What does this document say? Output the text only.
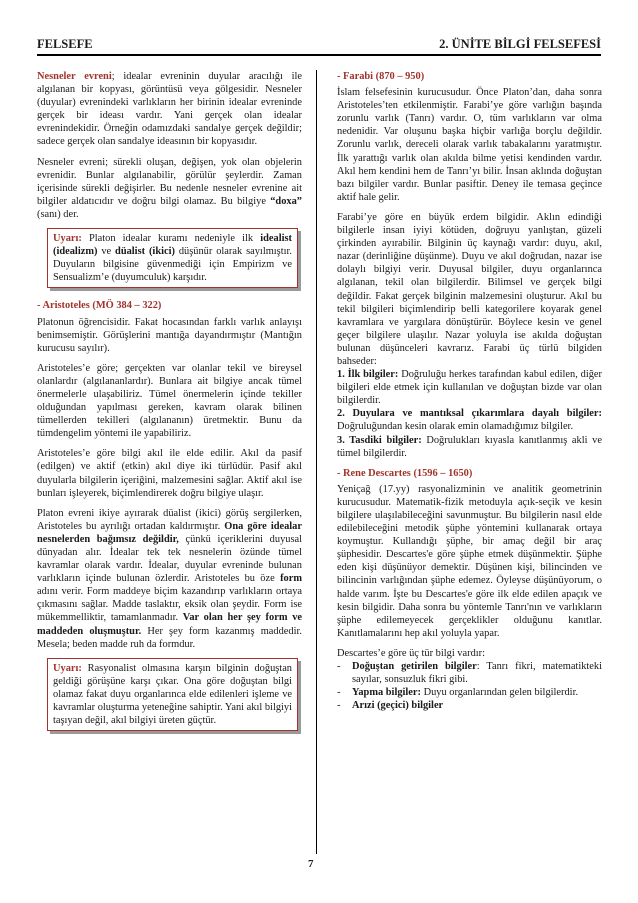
FELSEFE	2. ÜNİTE BİLGİ FELSEFESİ

Nesneler evreni; idealar evreninin duyular aracılığı ile algılanan bir kopyası, görüntüsü veya gölgesidir. Nesneler (duyular) evrenindeki varlıkların her birinin idealar evreninde gerçek bir ideası vardır. Yani gerçek olan idealar evrenindekidir. Örneğin odamızdaki sandalye gerçek değildir; sadece gerçek olan sandalye ideasının bir kopyasıdır.

Nesneler evreni; sürekli oluşan, değişen, yok olan objelerin evrenidir. Bunlar algılanabilir, görülür şeylerdir. Zaman içerisinde sürekli değişirler. Bu nedenle nesneler evrenine ait bilgiler aldatıcıdır ve doğru bilgi olamaz. Bu bilgiye “doxa” (sanı) der.

Uyarı: Platon idealar kuramı nedeniyle ilk idealist (idealizm) ve düalist (ikici) düşünür olarak sayılmıştır. Duyuların bilgisine güvenmediği için Empirizm ve Sensualizm’e (duyumculuk) karşıdır.
- Aristoteles (MÖ 384 – 322)

Platonun öğrencisidir. Fakat hocasından farklı varlık anlayışı benimsemiştir. Görüşlerini mantığa dayandırmıştır (Mantığın kurucusu sayılır).

Aristoteles’e göre; gerçekten var olanlar tekil ve bireysel olanlardır (algılananlardır). Bunlara ait bilgiye ancak tümel önermelerle ulaşabiliriz. Tümel önermelerin içinde tekiller olduğundan yapılması gereken, kavram olarak bilinen tümellerden tekilleri (algılananın) üretmektir. Bunu da tümdengelim yöntemi ile yapabiliriz.

Aristoteles’e göre bilgi akıl ile elde edilir. Akıl da pasif (edilgen) ve aktif (etkin) akıl diye iki türlüdür. Pasif akıl duyularla bilgilerin içeriğini, malzemesini sağlar. Aktif akıl ise bunları işleyerek, biçimlendirerek doğru bilgiye ulaşır.

Platon evreni ikiye ayırarak düalist (ikici) görüş sergilerken, Aristoteles bu ayrılığı ortadan kaldırmıştır. Ona göre idealar nesnelerden bağımsız değildir, çünkü içeriklerini duyusal dünyadan alır. İdealar tek tek nesnelerin özünde tümel kavramlar olarak vardır. İdealar, duyular evreninde bulunan varlıkların içinde bulunan özlerdir. Aristoteles bu öze form adını verir. Form maddeye biçim kazandırıp varlıkların ortaya çıkmasını sağlar. Madde taslaktır, eksik olan şeydir. Form ise mükemmelliktir, tamamlanmadır. Var olan her şey form ve maddeden oluşmuştur. Her şey form kazanmış maddedir. Mesela; beden madde ruh da formdur.

Uyarı: Rasyonalist olmasına karşın bilginin doğuştan geldiği görüşüne karşı çıkar. Ona göre doğuştan bilgi olamaz fakat duyu organlarınca elde edilenleri işleme ve kavramlar oluşturma yeteneğine sahiptir. Yani akıl bilgiyi taşıyan değil, akıl bilgiyi üreten güçtür.
- Farabi (870 – 950)

İslam felsefesinin kurucusudur. Önce Platon’dan, daha sonra Aristoteles’ten etkilenmiştir. Farabi’ye göre varlığın başında zorunlu varlık (Tanrı) vardır. O, tüm varlıkların var olma nedenidir. Var oluşunu başka hiçbir varlığa borçlu değildir. Zorunlu varlık, dereceli olarak varlık tabakalarını yaratmıştır. İlk yarattığı varlık olan akılda bilme yetisi kendinden vardır. Akıl hem kendini hem de Tanrı’yı bilir. İnsan aklında doğuştan bazı bilgiler vardır. Bunlar pasiftir. Deney ile temasa geçince aktif hale gelir.

Farabi’ye göre en büyük erdem bilgidir. Aklın edindiği bilgilerle insan iyiyi kötüden, doğruyu yanlıştan, güzeli çirkinden ayırabilir. Bilginin üç kaynağı vardır: duyu, akıl, nazar (derinliğine düşünme). Duyu ve akıl doğrudan, nazar ise dolaylı bilgiyi verir. Duyusal bilgiler, duyu organlarınca algılanan, tekil olan bilgilerdir. Bilimsel ve gerçek bilgi değildir. Fakat gerçek bilginin malzemesini oluşturur. Akıl bu tekil bilgileri biçimlendirip belli kategorilere koyarak genel kavramlara ve yargılara dönüştürür. Böylece kesin ve genel geçer bilgilere ulaşılır. Nazar yoluyla ise akılda doğuştan bulunan düşünceleri kavrarız. Farabi üç türlü bilgiden bahseder:

1. İlk bilgiler: Doğruluğu herkes tarafından kabul edilen, diğer bilgileri elde etmek için kullanılan ve doğuştan bizde var olan bilgilerdir.

2. Duyulara ve mantıksal çıkarımlara dayalı bilgiler: Doğruluğundan kesin olarak emin olamadığımız bilgiler.

3. Tasdiki bilgiler: Doğrulukları kıyasla kanıtlanmış akli ve tümel bilgilerdir.

- Rene Descartes (1596 – 1650)

Yeniçağ (17.yy) rasyonalizminin ve analitik geometrinin kurucusudur. Matematik-fizik metoduyla açık-seçik ve kesin bilgilere ulaşılabileceğini savunmuştur. Bu bilgilerin nasıl elde edilebileceğini metodik şüphe yöntemini kullanarak ortaya koymuştur. Kullandığı şüphe, bir amaç değil bir araç şüphesidir. Descartes'e göre şüphe etmek düşünmektir. Şüphe eden kişi düşünüyor demektir. Düşünen kişi, bilincinden ve bilincinin varlığından şüphe edemez. Öyleyse düşünüyorum, o halde varım. İşte bu Descartes'e göre ilk elde edilen apaçık ve kesin bilgidir. Daha sonra bu yöntemle Tanrı'nın ve varlıkların şüphe edilemeyecek gerçeklikler olduğunu kanıtlar. Kanıtlamalarını hep akıl yoluyla yapar.

Descartes’e göre üç tür bilgi vardır:

-	Doğuştan getirilen bilgiler: Tanrı fikri, matematikteki sayılar, sonsuzluk fikri gibi.
-	Yapma bilgiler: Duyu organlarından gelen bilgilerdir.
-	Arızi (geçici) bilgiler
7
